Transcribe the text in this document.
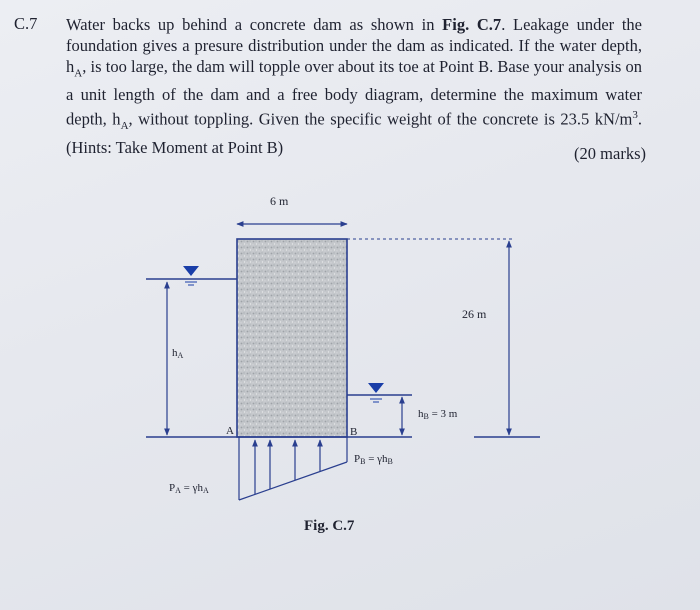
C.7 Water backs up behind a concrete dam as shown in Fig. C.7. Leakage under the foundation gives a presure distribution under the dam as indicated. If the water depth, $h_A$, is too large, the dam will topple over about its toe at Point B. Base your analysis on a unit length of the dam and a free body diagram, determine the maximum water depth, $h_A$, without toppling. Given the specific weight of the concrete is 23.5 $kN/m^3$. (Hints: Take Moment at Point B)	(20 marks)
6 m
26 m
hA
hB = 3 m
A	B
PB = γhB
PA = γhA
Fig. C.7
